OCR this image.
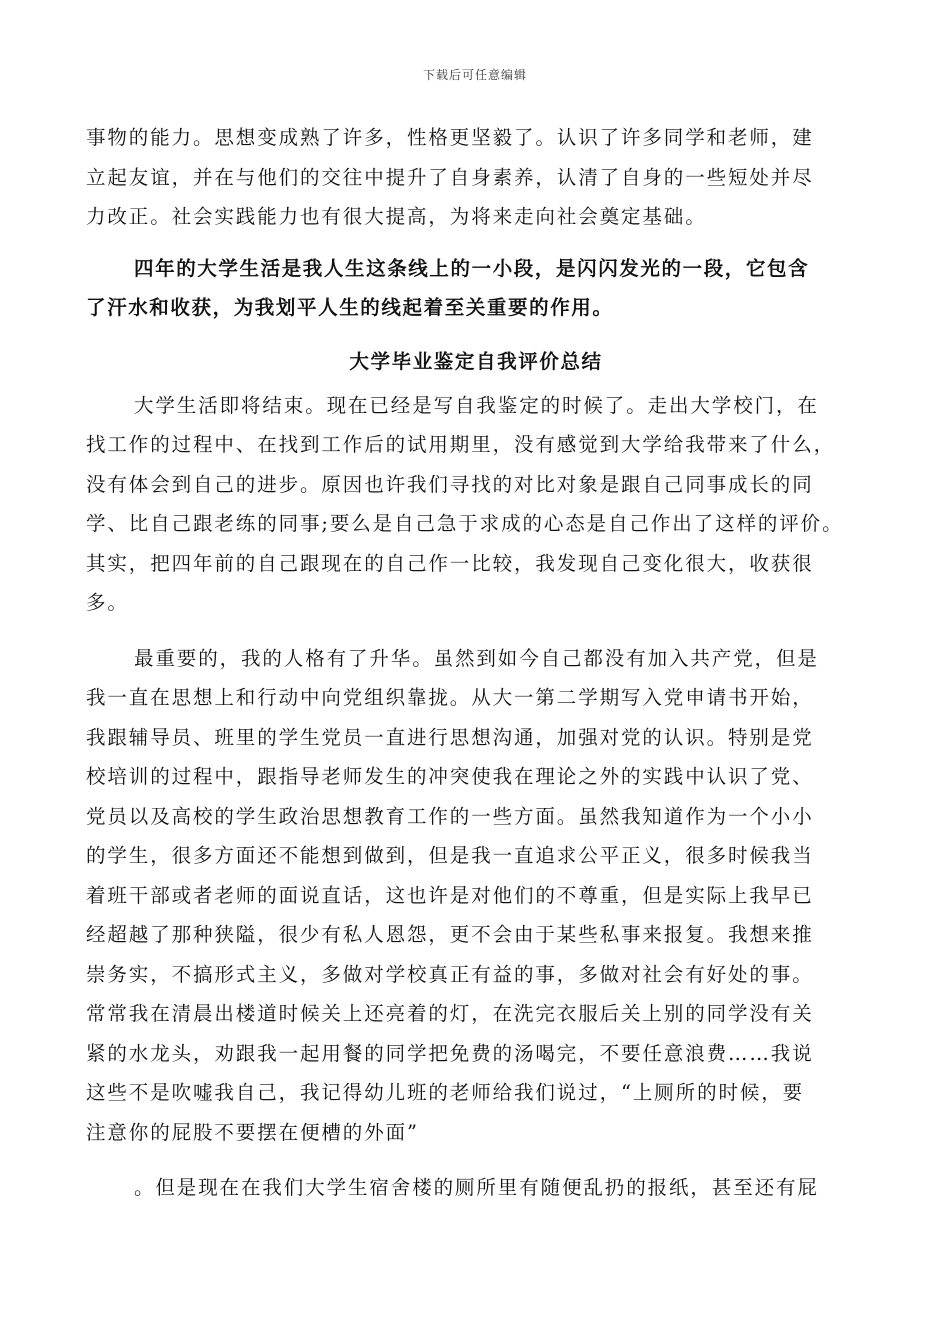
下载后可任意编辑
事物的能力。思想变成熟了许多，性格更坚毅了。认识了许多同学和老师，建
立起友谊，并在与他们的交往中提升了自身素养，认清了自身的一些短处并尽
力改正。社会实践能力也有很大提高，为将来走向社会奠定基础。
四年的大学生活是我人生这条线上的一小段，是闪闪发光的一段，它包含
了汗水和收获，为我划平人生的线起着至关重要的作用。
大学毕业鉴定自我评价总结
大学生活即将结束。现在已经是写自我鉴定的时候了。走出大学校门，在
找工作的过程中、在找到工作后的试用期里，没有感觉到大学给我带来了什么，
没有体会到自己的进步。原因也许我们寻找的对比对象是跟自己同事成长的同
学、比自己跟老练的同事;要么是自己急于求成的心态是自己作出了这样的评价。
其实，把四年前的自己跟现在的自己作一比较，我发现自己变化很大，收获很
多。
最重要的，我的人格有了升华。虽然到如今自己都没有加入共产党，但是
我一直在思想上和行动中向党组织靠拢。从大一第二学期写入党申请书开始，
我跟辅导员、班里的学生党员一直进行思想沟通，加强对党的认识。特别是党
校培训的过程中，跟指导老师发生的冲突使我在理论之外的实践中认识了党、
党员以及高校的学生政治思想教育工作的一些方面。虽然我知道作为一个小小
的学生，很多方面还不能想到做到，但是我一直追求公平正义，很多时候我当
着班干部或者老师的面说直话，这也许是对他们的不尊重，但是实际上我早已
经超越了那种狭隘，很少有私人恩怨，更不会由于某些私事来报复。我想来推
崇务实，不搞形式主义，多做对学校真正有益的事，多做对社会有好处的事。
常常我在清晨出楼道时候关上还亮着的灯，在洗完衣服后关上别的同学没有关
紧的水龙头，劝跟我一起用餐的同学把免费的汤喝完，不要任意浪费……我说
这些不是吹嘘我自己，我记得幼儿班的老师给我们说过，“上厕所的时候，要
注意你的屁股不要摆在便槽的外面”
。但是现在在我们大学生宿舍楼的厕所里有随便乱扔的报纸，甚至还有屁
